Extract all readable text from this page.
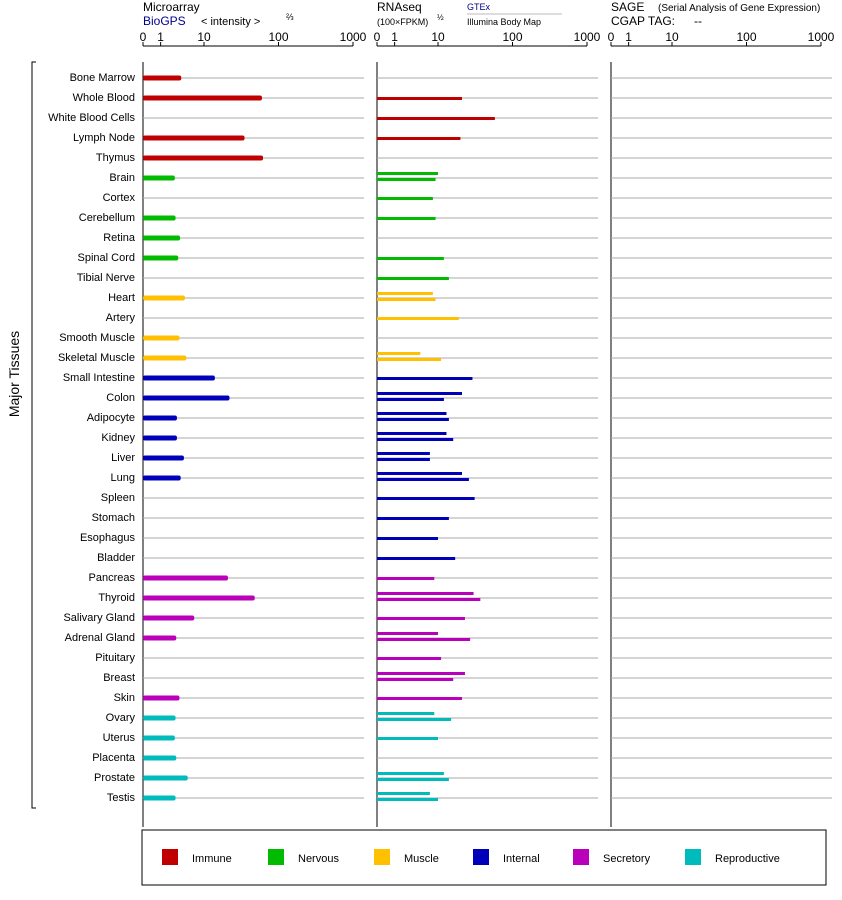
Microarray
BioGPS < intensity >	⅔
RNAseq
(100×FPKM) ½
GTEx
Illumina Body Map
SAGE (Serial Analysis of Gene Expression)
CGAP TAG: --
Major Tissues
0 1	10	100	1000 0 1	10	100	1000 0 1	10	100	1000
Bone Marrow
Whole Blood
White Blood Cells
Lymph Node
Thymus
Brain
Cortex
Cerebellum
Retina
Spinal Cord
Tibial Nerve
Heart
Artery
Smooth Muscle
Skeletal Muscle
Small Intestine
Colon
Adipocyte
Kidney
Liver
Lung
Spleen
Stomach
Esophagus
Bladder
Pancreas
Thyroid
Salivary Gland
Adrenal Gland
Pituitary
Breast
Skin
Ovary
Uterus
Placenta
Prostate
Testis
Immune	Nervous	Muscle	Internal	Secretory	Reproductive
